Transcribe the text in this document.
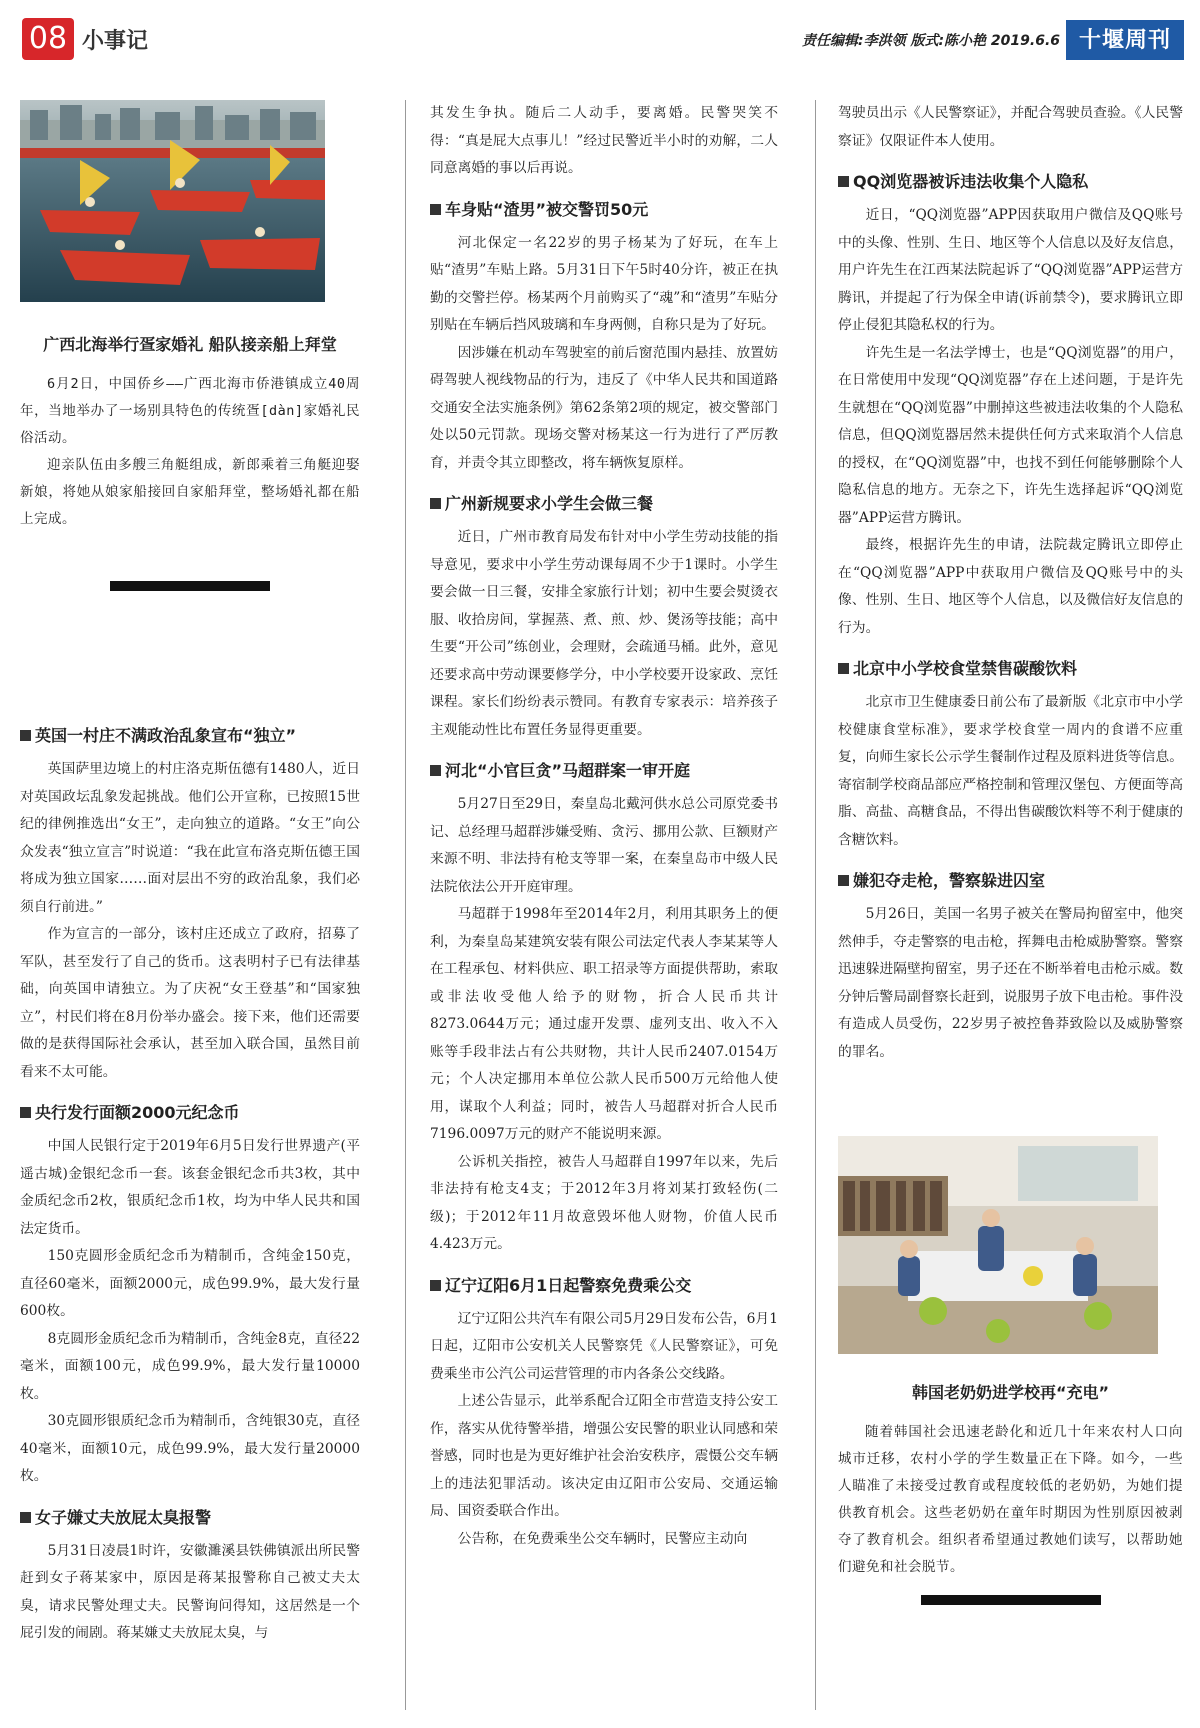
08 小事记	责任编辑:李洪领 版式:陈小艳 2019.6.6 十堰周刊
广西北海举行疍家婚礼 船队接亲船上拜堂

6月2日，中国侨乡——广西北海市侨港镇成立40周年，当地举办了一场别具特色的传统疍[dàn]家婚礼民俗活动。

迎亲队伍由多艘三角艇组成，新郎乘着三角艇迎娶新娘，将她从娘家船接回自家船拜堂，整场婚礼都在船上完成。

英国一村庄不满政治乱象宣布“独立”

英国萨里边境上的村庄洛克斯伍德有1480人，近日对英国政坛乱象发起挑战。他们公开宣称，已按照15世纪的律例推选出“女王”，走向独立的道路。“女王”向公众发表“独立宣言”时说道：“我在此宣布洛克斯伍德王国将成为独立国家……面对层出不穷的政治乱象，我们必须自行前进。”

作为宣言的一部分，该村庄还成立了政府，招募了军队，甚至发行了自己的货币。这表明村子已有法律基础，向英国申请独立。为了庆祝“女王登基”和“国家独立”，村民们将在8月份举办盛会。接下来，他们还需要做的是获得国际社会承认，甚至加入联合国，虽然目前看来不太可能。

央行发行面额2000元纪念币

中国人民银行定于2019年6月5日发行世界遗产(平遥古城)金银纪念币一套。该套金银纪念币共3枚，其中金质纪念币2枚，银质纪念币1枚，均为中华人民共和国法定货币。

150克圆形金质纪念币为精制币，含纯金150克，直径60毫米，面额2000元，成色99.9%，最大发行量600枚。

8克圆形金质纪念币为精制币，含纯金8克，直径22毫米，面额100元，成色99.9%，最大发行量10000枚。

30克圆形银质纪念币为精制币，含纯银30克，直径40毫米，面额10元，成色99.9%，最大发行量20000枚。

女子嫌丈夫放屁太臭报警

5月31日凌晨1时许，安徽濉溪县铁佛镇派出所民警赶到女子蒋某家中，原因是蒋某报警称自己被丈夫太臭，请求民警处理丈夫。民警询问得知，这居然是一个屁引发的闹剧。蒋某嫌丈夫放屁太臭，与

其发生争执。随后二人动手，要离婚。民警哭笑不得：“真是屁大点事儿！”经过民警近半小时的劝解，二人同意离婚的事以后再说。

车身贴“渣男”被交警罚50元

河北保定一名22岁的男子杨某为了好玩，在车上贴“渣男”车贴上路。5月31日下午5时40分许，被正在执勤的交警拦停。杨某两个月前购买了“魂”和“渣男”车贴分别贴在车辆后挡风玻璃和车身两侧，自称只是为了好玩。

因涉嫌在机动车驾驶室的前后窗范围内悬挂、放置妨碍驾驶人视线物品的行为，违反了《中华人民共和国道路交通安全法实施条例》第62条第2项的规定，被交警部门处以50元罚款。现场交警对杨某这一行为进行了严厉教育，并责令其立即整改，将车辆恢复原样。

广州新规要求小学生会做三餐

近日，广州市教育局发布针对中小学生劳动技能的指导意见，要求中小学生劳动课每周不少于1课时。小学生要会做一日三餐，安排全家旅行计划；初中生要会熨烫衣服、收拾房间，掌握蒸、煮、煎、炒、煲汤等技能；高中生要“开公司”练创业，会理财，会疏通马桶。此外，意见还要求高中劳动课要修学分，中小学校要开设家政、烹饪课程。家长们纷纷表示赞同。有教育专家表示：培养孩子主观能动性比布置任务显得更重要。

河北“小官巨贪”马超群案一审开庭

5月27日至29日，秦皇岛北戴河供水总公司原党委书记、总经理马超群涉嫌受贿、贪污、挪用公款、巨额财产来源不明、非法持有枪支等罪一案，在秦皇岛市中级人民法院依法公开开庭审理。

马超群于1998年至2014年2月，利用其职务上的便利，为秦皇岛某建筑安装有限公司法定代表人李某某等人在工程承包、材料供应、职工招录等方面提供帮助，索取或非法收受他人给予的财物，折合人民币共计8273.0644万元；通过虚开发票、虚列支出、收入不入账等手段非法占有公共财物，共计人民币2407.0154万元；个人决定挪用本单位公款人民币500万元给他人使用，谋取个人利益；同时，被告人马超群对折合人民币7196.0097万元的财产不能说明来源。

公诉机关指控，被告人马超群自1997年以来，先后非法持有枪支4支；于2012年3月将刘某打致轻伤(二级)；于2012年11月故意毁坏他人财物，价值人民币4.423万元。

辽宁辽阳6月1日起警察免费乘公交

辽宁辽阳公共汽车有限公司5月29日发布公告，6月1日起，辽阳市公安机关人民警察凭《人民警察证》，可免费乘坐市公汽公司运营管理的市内各条公交线路。

上述公告显示，此举系配合辽阳全市营造支持公安工作，落实从优待警举措，增强公安民警的职业认同感和荣誉感，同时也是为更好维护社会治安秩序，震慑公交车辆上的违法犯罪活动。该决定由辽阳市公安局、交通运输局、国资委联合作出。

公告称，在免费乘坐公交车辆时，民警应主动向

驾驶员出示《人民警察证》，并配合驾驶员查验。《人民警察证》仅限证件本人使用。

QQ浏览器被诉违法收集个人隐私

近日，“QQ浏览器”APP因获取用户微信及QQ账号中的头像、性别、生日、地区等个人信息以及好友信息，用户许先生在江西某法院起诉了“QQ浏览器”APP运营方腾讯，并提起了行为保全申请(诉前禁令)，要求腾讯立即停止侵犯其隐私权的行为。

许先生是一名法学博士，也是“QQ浏览器”的用户，在日常使用中发现“QQ浏览器”存在上述问题，于是许先生就想在“QQ浏览器”中删掉这些被违法收集的个人隐私信息，但QQ浏览器居然未提供任何方式来取消个人信息的授权，在“QQ浏览器”中，也找不到任何能够删除个人隐私信息的地方。无奈之下，许先生选择起诉“QQ浏览器”APP运营方腾讯。

最终，根据许先生的申请，法院裁定腾讯立即停止在“QQ浏览器”APP中获取用户微信及QQ账号中的头像、性别、生日、地区等个人信息，以及微信好友信息的行为。

北京中小学校食堂禁售碳酸饮料

北京市卫生健康委日前公布了最新版《北京市中小学校健康食堂标准》，要求学校食堂一周内的食谱不应重复，向师生家长公示学生餐制作过程及原料进货等信息。寄宿制学校商品部应严格控制和管理汉堡包、方便面等高脂、高盐、高糖食品，不得出售碳酸饮料等不利于健康的含糖饮料。

嫌犯夺走枪，警察躲进囚室

5月26日，美国一名男子被关在警局拘留室中，他突然伸手，夺走警察的电击枪，挥舞电击枪威胁警察。警察迅速躲进隔壁拘留室，男子还在不断举着电击枪示威。数分钟后警局副督察长赶到，说服男子放下电击枪。事件没有造成人员受伤，22岁男子被控鲁莽致险以及威胁警察的罪名。

韩国老奶奶进学校再“充电”

随着韩国社会迅速老龄化和近几十年来农村人口向城市迁移，农村小学的学生数量正在下降。如今，一些人瞄准了未接受过教育或程度较低的老奶奶，为她们提供教育机会。这些老奶奶在童年时期因为性别原因被剥夺了教育机会。组织者希望通过教她们读写，以帮助她们避免和社会脱节。
